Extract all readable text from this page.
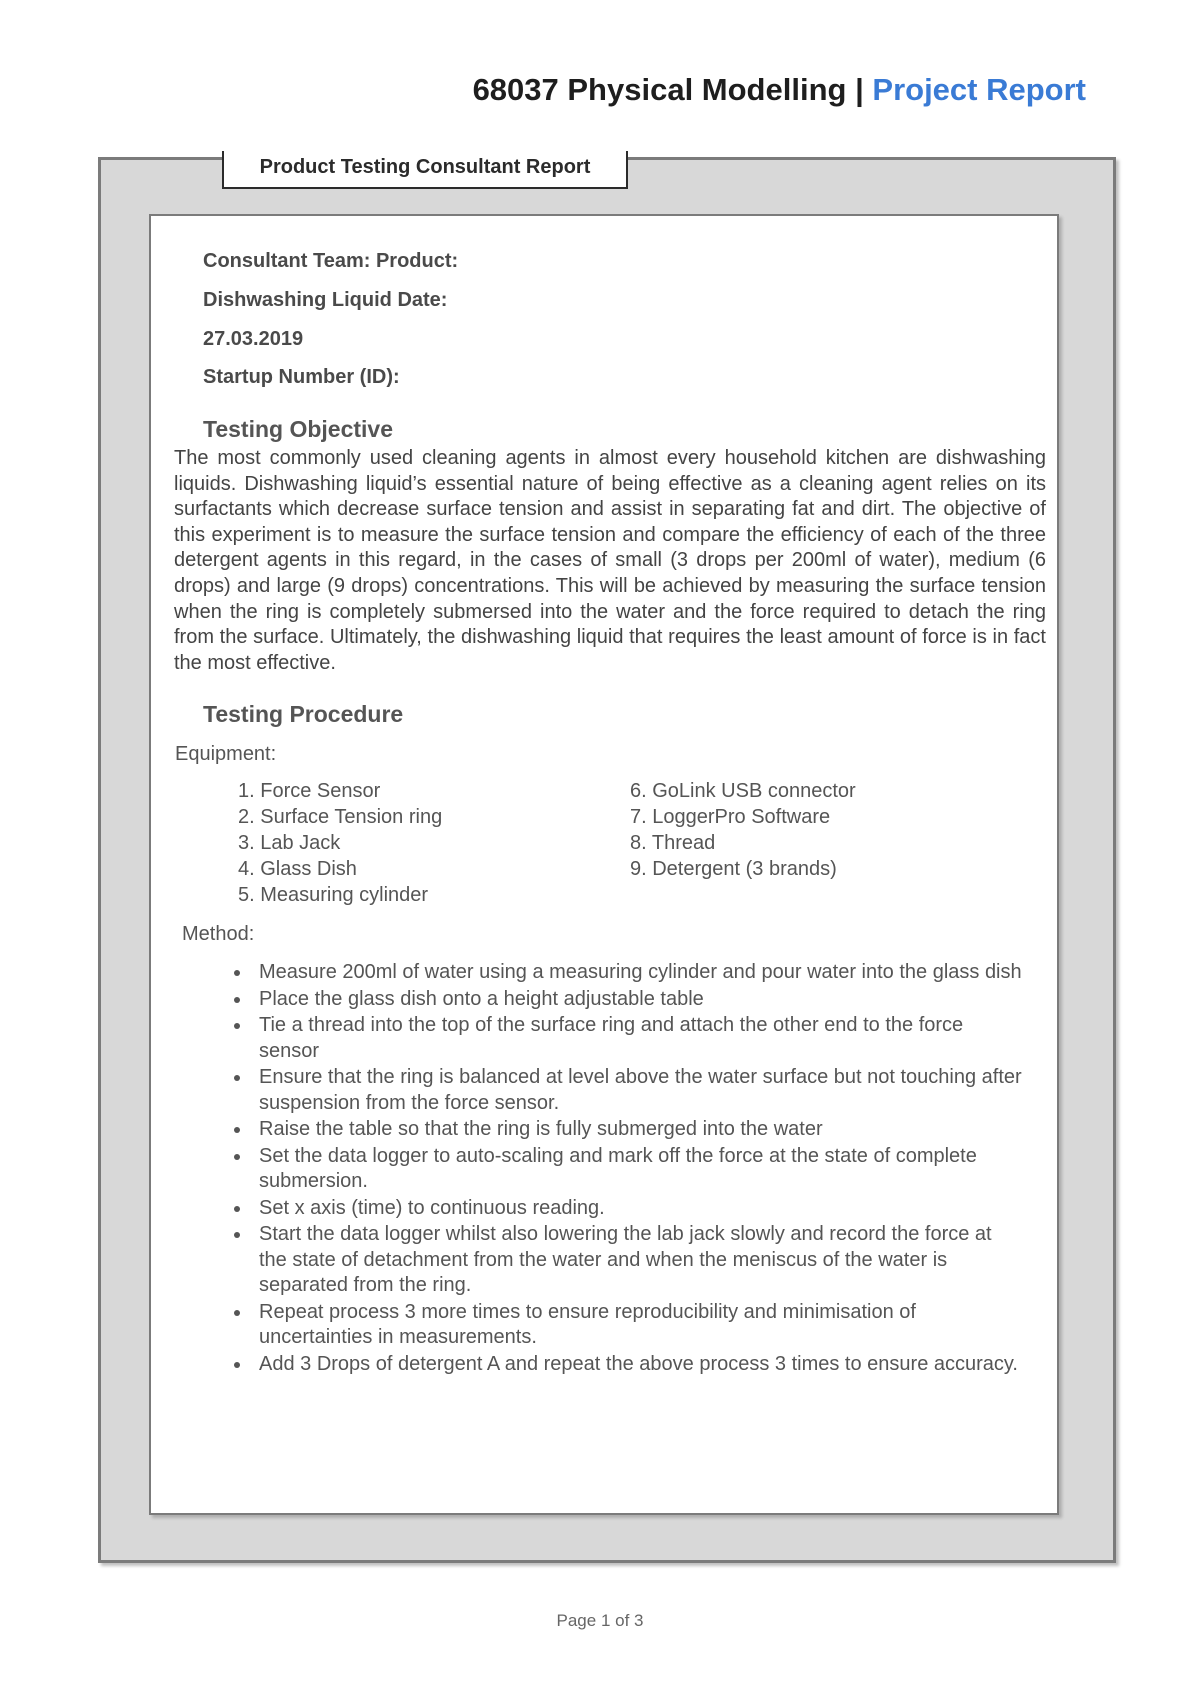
68037 Physical Modelling | Project Report
Product Testing Consultant Report
Consultant Team: Product:
Dishwashing Liquid Date:
27.03.2019
Startup Number (ID):
Testing Objective
The most commonly used cleaning agents in almost every household kitchen are dishwashing liquids. Dishwashing liquid’s essential nature of being effective as a cleaning agent relies on its surfactants which decrease surface tension and assist in separating fat and dirt. The objective of this experiment is to measure the surface tension and compare the efficiency of each of the three detergent agents in this regard, in the cases of small (3 drops per 200ml of water), medium (6 drops) and large (9 drops) concentrations. This will be achieved by measuring the surface tension when the ring is completely submersed into the water and the force required to detach the ring from the surface. Ultimately, the dishwashing liquid that requires the least amount of force is in fact the most effective.
Testing Procedure
Equipment:
1. Force Sensor
2. Surface Tension ring
3. Lab Jack
4. Glass Dish
5. Measuring cylinder
6. GoLink USB connector
7. LoggerPro Software
8. Thread
9. Detergent (3 brands)
Method:
Measure 200ml of water using a measuring cylinder and pour water into the glass dish
Place the glass dish onto a height adjustable table
Tie a thread into the top of the surface ring and attach the other end to the force sensor
Ensure that the ring is balanced at level above the water surface but not touching after suspension from the force sensor.
Raise the table so that the ring is fully submerged into the water
Set the data logger to auto-scaling and mark off the force at the state of complete submersion.
Set x axis (time) to continuous reading.
Start the data logger whilst also lowering the lab jack slowly and record the force at the state of detachment from the water and when the meniscus of the water is separated from the ring.
Repeat process 3 more times to ensure reproducibility and minimisation of uncertainties in measurements.
Add 3 Drops of detergent A and repeat the above process 3 times to ensure accuracy.
Page 1 of 3
